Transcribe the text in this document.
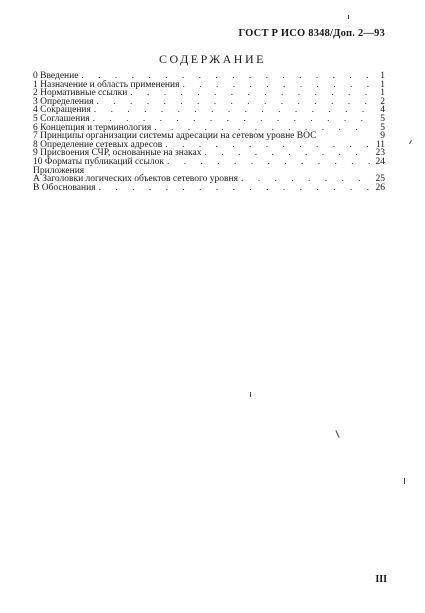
ГОСТ Р ИСО 8348/Доп. 2—93
СОДЕРЖАНИЕ
0 Введение . . .	1
1 Назначение и область применения . . .	1
2 Нормативные ссылки . . .	1
3 Определения . . .	2
4 Сокращения . . .	4
5 Соглашения . . .	5
6 Концепция и терминология . . .	5
7 Принципы организации системы адресации на сетевом уровне ВОС	9
8 Определение сетевых адресов . . .	11
9 Присвоения СЧР, основанные на знаках . . .	23
10 Форматы публикаций ссылок . . .	24
Приложения
А Заголовки логических объектов сетевого уровня . . .	25
В Обоснования . . .	26
III
